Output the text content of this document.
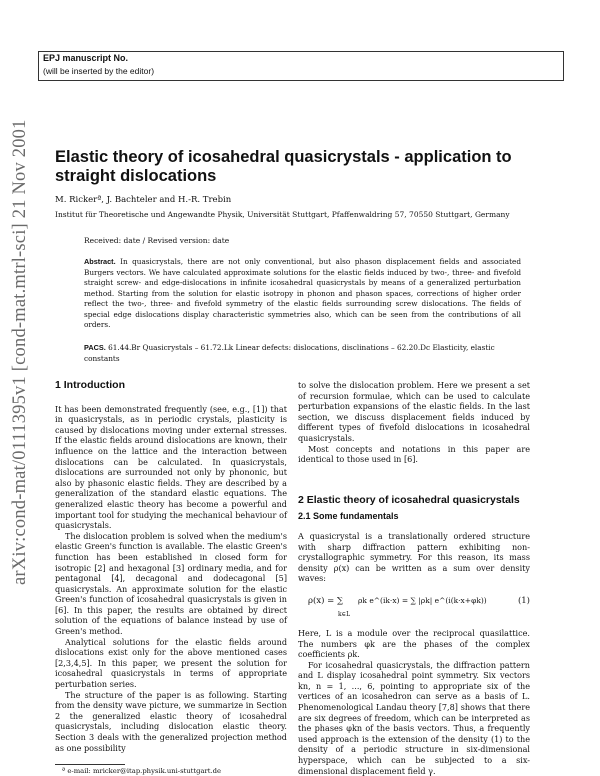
EPJ manuscript No.
(will be inserted by the editor)
arXiv:cond-mat/0111395v1 [cond-mat.mtrl-sci] 21 Nov 2001 Elastic theory of icosahedral quasicrystals - application to straight dislocations
M. Rickerª, J. Bachteler and H.-R. Trebin
Institut für Theoretische und Angewandte Physik, Universität Stuttgart, Pfaffenwaldring 57, 70550 Stuttgart, Germany
Received: date / Revised version: date
Abstract. In quasicrystals, there are not only conventional, but also phason displacement fields and associated Burgers vectors. We have calculated approximate solutions for the elastic fields induced by two-, three- and fivefold straight screw- and edge-dislocations in infinite icosahedral quasicrystals by means of a generalized perturbation method. Starting from the solution for elastic isotropy in phonon and phason spaces, corrections of higher order reflect the two-, three- and fivefold symmetry of the elastic fields surrounding screw dislocations. The fields of special edge dislocations display characteristic symmetries also, which can be seen from the contributions of all orders.
PACS. 61.44.Br Quasicrystals – 61.72.Lk Linear defects: dislocations, disclinations – 62.20.Dc Elasticity, elastic constants
1 Introduction

It has been demonstrated frequently (see, e.g., [1]) that in quasicrystals, as in periodic crystals, plasticity is caused by dislocations moving under external stresses. If the elastic fields around dislocations are known, their influence on the lattice and the interaction between dislocations can be calculated. In quasicrystals, dislocations are surrounded not only by phononic, but also by phasonic elastic fields. They are described by a generalization of the standard elastic equations. The generalized elastic theory has become a powerful and important tool for studying the mechanical behaviour of quasicrystals.

The dislocation problem is solved when the medium's elastic Green's function is available. The elastic Green's function has been established in closed form for isotropic [2] and hexagonal [3] ordinary media, and for pentagonal [4], decagonal and dodecagonal [5] quasicrystals. An approximate solution for the elastic Green's function of icosahedral quasicrystals is given in [6]. In this paper, the results are obtained by direct solution of the equations of balance instead by use of Green's method.

Analytical solutions for the elastic fields around dislocations exist only for the above mentioned cases [2,3,4,5]. In this paper, we present the solution for icosahedral quasicrystals in terms of appropriate perturbation series.

The structure of the paper is as following. Starting from the density wave picture, we summarize in Section 2 the generalized elastic theory of icosahedral quasicrystals, including dislocation elastic theory. Section 3 deals with the generalized projection method as one possibility

to solve the dislocation problem. Here we present a set of recursion formulae, which can be used to calculate perturbation expansions of the elastic fields. In the last section, we discuss displacement fields induced by different types of fivefold dislocations in icosahedral quasicrystals.

Most concepts and notations in this paper are identical to those used in [6].

2 Elastic theory of icosahedral quasicrystals
2.1 Some fundamentals

A quasicrystal is a translationally ordered structure with sharp diffraction pattern exhibiting non-crystallographic symmetry. For this reason, its mass density ρ(x) can be written as a sum over density waves:

ρ(x) = ∑ ρk e^(ik·x) = ∑ |ρk| e^(i(k·x+φk))
k∈L
(1)

Here, L is a module over the reciprocal quasilattice. The numbers φk are the phases of the complex coefficients ρk.

For icosahedral quasicrystals, the diffraction pattern and L display icosahedral point symmetry. Six vectors kn, n = 1, ..., 6, pointing to appropriate six of the vertices of an icosahedron can serve as a basis of L. Phenomenological Landau theory [7,8] shows that there are six degrees of freedom, which can be interpreted as the phases φkn of the basis vectors. Thus, a frequently used approach is the extension of the density (1) to the density of a periodic structure in six-dimensional hyperspace, which can be subjected to a six-dimensional displacement field γ.

ª e-mail: mricker@itap.physik.uni-stuttgart.de
